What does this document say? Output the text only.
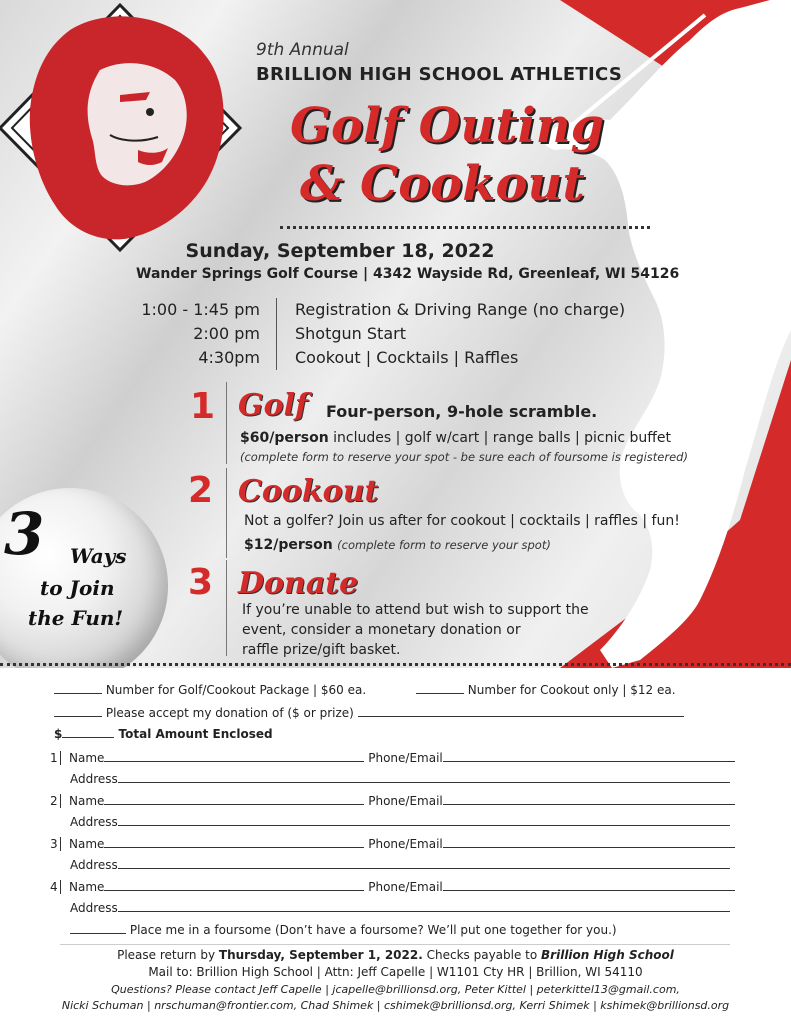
9th Annual
BRILLION HIGH SCHOOL ATHLETICS
Golf Outing
& Cookout
Sunday, September 18, 2022
Wander Springs Golf Course | 4342 Wayside Rd, Greenleaf, WI 54126
1:00 - 1:45 pm	Registration & Driving Range (no charge)
2:00 pm	Shotgun Start
4:30pm	Cookout | Cocktails | Raffles
1 Golf Four-person, 9-hole scramble.
$60/person includes | golf w/cart | range balls | picnic buffet
(complete form to reserve your spot - be sure each of foursome is registered)
2 Cookout
Not a golfer? Join us after for cookout | cocktails | raffles | fun!
$12/person (complete form to reserve your spot)
3 Donate
If you’re unable to attend but wish to support the
event, consider a monetary donation or
raffle prize/gift basket.
3 Ways
to Join
the Fun!
Number for Golf/Cookout Package | $60 ea.	Number for Cookout only | $12 ea.
Please accept my donation of ($ or prize)
$	Total Amount Enclosed
1 Name	Phone/Email
Address
2 Name	Phone/Email
Address
3 Name	Phone/Email
Address
4 Name	Phone/Email
Address
Place me in a foursome (Don’t have a foursome? We’ll put one together for you.)
Please return by Thursday, September 1, 2022. Checks payable to Brillion High School
Mail to: Brillion High School | Attn: Jeff Capelle | W1101 Cty HR | Brillion, WI 54110
Questions? Please contact Jeff Capelle | jcapelle@brillionsd.org, Peter Kittel | peterkittel13@gmail.com,
Nicki Schuman | nrschuman@frontier.com, Chad Shimek | cshimek@brillionsd.org, Kerri Shimek | kshimek@brillionsd.org
